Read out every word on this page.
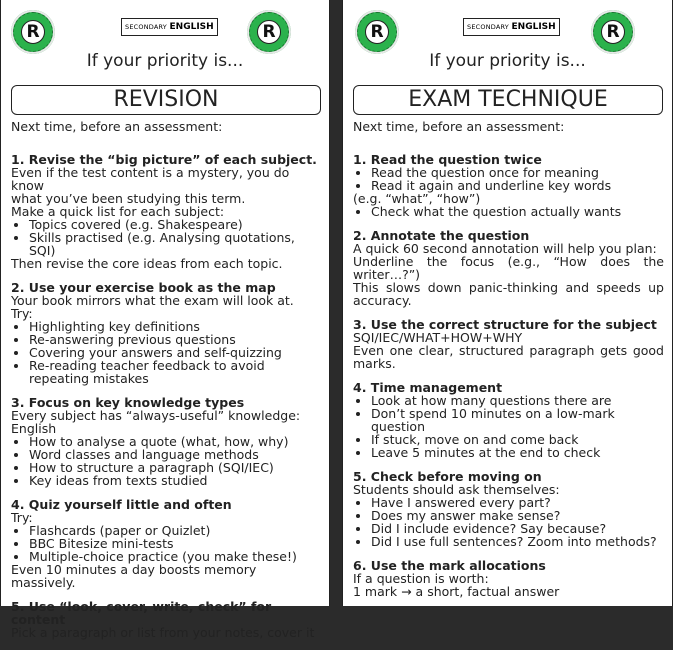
R	SECONDARY ENGLISH	R
If your priority is...
REVISION
Next time, before an assessment:
1. Revise the “big picture” of each subject.
Even if the test content is a mystery, you do know
what you’ve been studying this term.
Make a quick list for each subject:
• Topics covered (e.g. Shakespeare)
• Skills practised (e.g. Analysing quotations, SQI)
Then revise the core ideas from each topic.
2. Use your exercise book as the map
Your book mirrors what the exam will look at.
Try:
• Highlighting key definitions
• Re-answering previous questions
• Covering your answers and self-quizzing
• Re-reading teacher feedback to avoid repeating mistakes
3. Focus on key knowledge types
Every subject has “always-useful” knowledge:
English
• How to analyse a quote (what, how, why)
• Word classes and language methods
• How to structure a paragraph (SQI/IEC)
• Key ideas from texts studied
4. Quiz yourself little and often
Try:
• Flashcards (paper or Quizlet)
• BBC Bitesize mini-tests
• Multiple-choice practice (you make these!)
Even 10 minutes a day boosts memory massively.
5. Use “look, cover, write, check” for content
Pick a paragraph or list from your notes, cover it
R	SECONDARY ENGLISH	R
If your priority is...
EXAM TECHNIQUE
Next time, before an assessment:
1. Read the question twice
• Read the question once for meaning
• Read it again and underline key words
(e.g. “what”, “how”)
• Check what the question actually wants
2. Annotate the question
A quick 60 second annotation will help you plan:
Underline the focus (e.g., “How does the
writer…?”)
This slows down panic-thinking and speeds up
accuracy.
3. Use the correct structure for the subject
SQI/IEC/WHAT+HOW+WHY
Even one clear, structured paragraph gets good
marks.
4. Time management
• Look at how many questions there are
• Don’t spend 10 minutes on a low-mark question
• If stuck, move on and come back
• Leave 5 minutes at the end to check
5. Check before moving on
Students should ask themselves:
• Have I answered every part?
• Does my answer make sense?
• Did I include evidence? Say because?
• Did I use full sentences? Zoom into methods?
6. Use the mark allocations
If a question is worth:
1 mark → a short, factual answer
